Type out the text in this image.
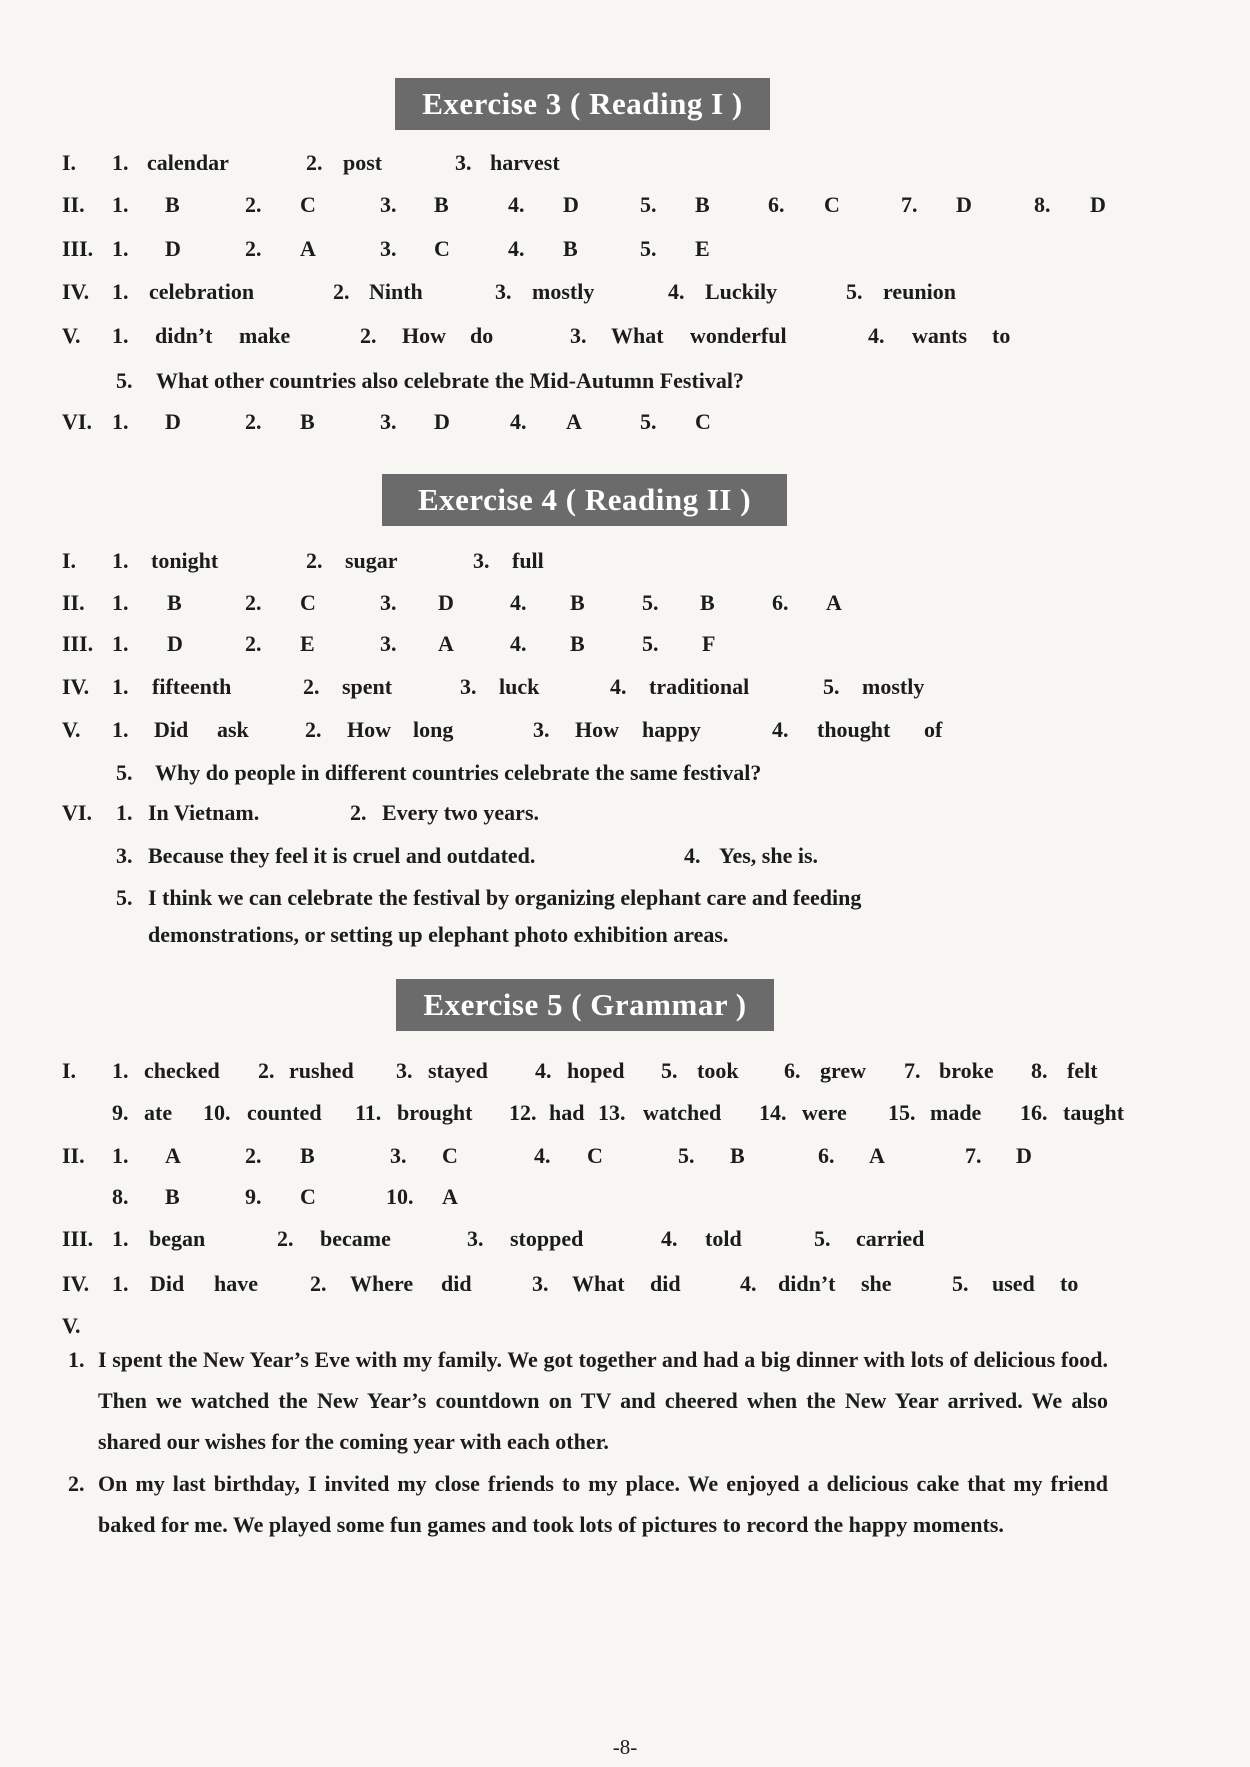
Exercise 3 ( Reading I )
I. 1. calendar	2. post	3. harvest
II. 1. B	2. C	3. B	4. D	5. B	6. C	7. D	8. D
III. 1. D	2. A	3. C	4. B	5. E
IV. 1. celebration	2. Ninth	3. mostly	4. Luckily	5. reunion
V. 1. didn’t make	2. How do	3. What wonderful	4. wants to
5. What other countries also celebrate the Mid-Autumn Festival?
VI. 1. D	2. B	3. D	4. A	5. C
Exercise 4 ( Reading II )
I. 1. tonight	2. sugar	3. full
II. 1. B	2. C	3. D	4. B	5. B	6. A
III. 1. D	2. E	3. A	4. B	5. F
IV. 1. fifteenth	2. spent	3. luck	4. traditional	5. mostly
V. 1. Did ask	2. How long	3. How happy	4. thought of
5. Why do people in different countries celebrate the same festival?
VI. 1. In Vietnam.	2. Every two years.
3. Because they feel it is cruel and outdated.	4. Yes, she is.
5. I think we can celebrate the festival by organizing elephant care and feeding
demonstrations, or setting up elephant photo exhibition areas.
Exercise 5 ( Grammar )
I. 1. checked 2. rushed 3. stayed 4. hoped 5. took 6. grew 7. broke 8. felt
9. ate 10. counted 11. brought 12. had 13. watched 14. were 15. made 16. taught
II. 1. A	2. B	3. C	4. C	5. B	6. A	7. D
8. B	9. C	10. A
III. 1. began	2. became	3. stopped	4. told	5. carried
IV. 1. Did have 2. Where did	3. What did	4. didn’t she	5. used to
V.
1. I spent the New Year’s Eve with my family. We got together and had a big dinner with lots of delicious food. Then we watched the New Year’s countdown on TV and cheered when the New Year arrived. We also shared our wishes for the coming year with each other.
2. On my last birthday, I invited my close friends to my place. We enjoyed a delicious cake that my friend baked for me. We played some fun games and took lots of pictures to record the happy moments.
-8-
